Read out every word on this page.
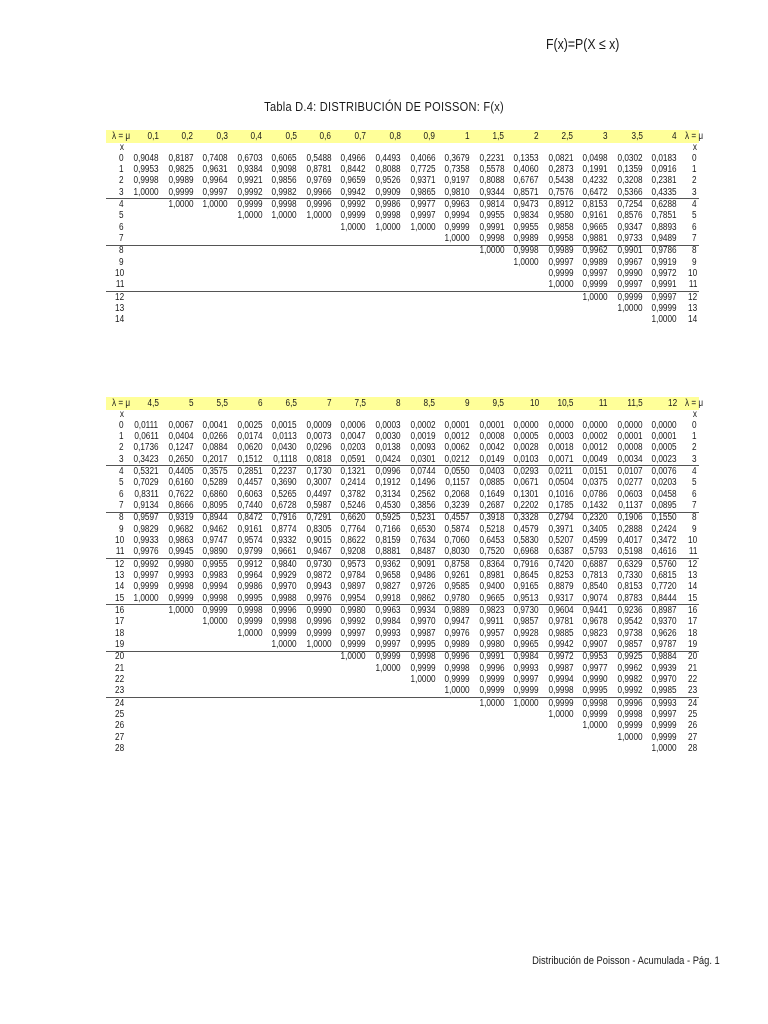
F(x)=P(X ≤ x)
Tabla D.4: DISTRIBUCIÓN DE POISSON: F(x)
λ = μ	0,1	0,2	0,3	0,4	0,5	0,6	0,7	0,8	0,9	1	1,5	2	2,5	3	3,5	4	λ = μ
x																	x
0	0,9048	0,8187	0,7408	0,6703	0,6065	0,5488	0,4966	0,4493	0,4066	0,3679	0,2231	0,1353	0,0821	0,0498	0,0302	0,0183	0
1	0,9953	0,9825	0,9631	0,9384	0,9098	0,8781	0,8442	0,8088	0,7725	0,7358	0,5578	0,4060	0,2873	0,1991	0,1359	0,0916	1
2	0,9998	0,9989	0,9964	0,9921	0,9856	0,9769	0,9659	0,9526	0,9371	0,9197	0,8088	0,6767	0,5438	0,4232	0,3208	0,2381	2
3	1,0000	0,9999	0,9997	0,9992	0,9982	0,9966	0,9942	0,9909	0,9865	0,9810	0,9344	0,8571	0,7576	0,6472	0,5366	0,4335	3
4		1,0000	1,0000	0,9999	0,9998	0,9996	0,9992	0,9986	0,9977	0,9963	0,9814	0,9473	0,8912	0,8153	0,7254	0,6288	4
5				1,0000	1,0000	1,0000	0,9999	0,9998	0,9997	0,9994	0,9955	0,9834	0,9580	0,9161	0,8576	0,7851	5
6							1,0000	1,0000	1,0000	0,9999	0,9991	0,9955	0,9858	0,9665	0,9347	0,8893	6
7										1,0000	0,9998	0,9989	0,9958	0,9881	0,9733	0,9489	7
8											1,0000	0,9998	0,9989	0,9962	0,9901	0,9786	8
9												1,0000	0,9997	0,9989	0,9967	0,9919	9
10													0,9999	0,9997	0,9990	0,9972	10
11													1,0000	0,9999	0,9997	0,9991	11
12														1,0000	0,9999	0,9997	12
13															1,0000	0,9999	13
14																1,0000	14
λ = μ	4,5	5	5,5	6	6,5	7	7,5	8	8,5	9	9,5	10	10,5	11	11,5	12	λ = μ
x																	x
0	0,0111	0,0067	0,0041	0,0025	0,0015	0,0009	0,0006	0,0003	0,0002	0,0001	0,0001	0,0000	0,0000	0,0000	0,0000	0,0000	0
1	0,0611	0,0404	0,0266	0,0174	0,0113	0,0073	0,0047	0,0030	0,0019	0,0012	0,0008	0,0005	0,0003	0,0002	0,0001	0,0001	1
2	0,1736	0,1247	0,0884	0,0620	0,0430	0,0296	0,0203	0,0138	0,0093	0,0062	0,0042	0,0028	0,0018	0,0012	0,0008	0,0005	2
3	0,3423	0,2650	0,2017	0,1512	0,1118	0,0818	0,0591	0,0424	0,0301	0,0212	0,0149	0,0103	0,0071	0,0049	0,0034	0,0023	3
4	0,5321	0,4405	0,3575	0,2851	0,2237	0,1730	0,1321	0,0996	0,0744	0,0550	0,0403	0,0293	0,0211	0,0151	0,0107	0,0076	4
5	0,7029	0,6160	0,5289	0,4457	0,3690	0,3007	0,2414	0,1912	0,1496	0,1157	0,0885	0,0671	0,0504	0,0375	0,0277	0,0203	5
6	0,8311	0,7622	0,6860	0,6063	0,5265	0,4497	0,3782	0,3134	0,2562	0,2068	0,1649	0,1301	0,1016	0,0786	0,0603	0,0458	6
7	0,9134	0,8666	0,8095	0,7440	0,6728	0,5987	0,5246	0,4530	0,3856	0,3239	0,2687	0,2202	0,1785	0,1432	0,1137	0,0895	7
8	0,9597	0,9319	0,8944	0,8472	0,7916	0,7291	0,6620	0,5925	0,5231	0,4557	0,3918	0,3328	0,2794	0,2320	0,1906	0,1550	8
9	0,9829	0,9682	0,9462	0,9161	0,8774	0,8305	0,7764	0,7166	0,6530	0,5874	0,5218	0,4579	0,3971	0,3405	0,2888	0,2424	9
10	0,9933	0,9863	0,9747	0,9574	0,9332	0,9015	0,8622	0,8159	0,7634	0,7060	0,6453	0,5830	0,5207	0,4599	0,4017	0,3472	10
11	0,9976	0,9945	0,9890	0,9799	0,9661	0,9467	0,9208	0,8881	0,8487	0,8030	0,7520	0,6968	0,6387	0,5793	0,5198	0,4616	11
12	0,9992	0,9980	0,9955	0,9912	0,9840	0,9730	0,9573	0,9362	0,9091	0,8758	0,8364	0,7916	0,7420	0,6887	0,6329	0,5760	12
13	0,9997	0,9993	0,9983	0,9964	0,9929	0,9872	0,9784	0,9658	0,9486	0,9261	0,8981	0,8645	0,8253	0,7813	0,7330	0,6815	13
14	0,9999	0,9998	0,9994	0,9986	0,9970	0,9943	0,9897	0,9827	0,9726	0,9585	0,9400	0,9165	0,8879	0,8540	0,8153	0,7720	14
15	1,0000	0,9999	0,9998	0,9995	0,9988	0,9976	0,9954	0,9918	0,9862	0,9780	0,9665	0,9513	0,9317	0,9074	0,8783	0,8444	15
16		1,0000	0,9999	0,9998	0,9996	0,9990	0,9980	0,9963	0,9934	0,9889	0,9823	0,9730	0,9604	0,9441	0,9236	0,8987	16
17			1,0000	0,9999	0,9998	0,9996	0,9992	0,9984	0,9970	0,9947	0,9911	0,9857	0,9781	0,9678	0,9542	0,9370	17
18				1,0000	0,9999	0,9999	0,9997	0,9993	0,9987	0,9976	0,9957	0,9928	0,9885	0,9823	0,9738	0,9626	18
19					1,0000	1,0000	0,9999	0,9997	0,9995	0,9989	0,9980	0,9965	0,9942	0,9907	0,9857	0,9787	19
20							1,0000	0,9999	0,9998	0,9996	0,9991	0,9984	0,9972	0,9953	0,9925	0,9884	20
21								1,0000	0,9999	0,9998	0,9996	0,9993	0,9987	0,9977	0,9962	0,9939	21
22									1,0000	0,9999	0,9999	0,9997	0,9994	0,9990	0,9982	0,9970	22
23										1,0000	0,9999	0,9999	0,9998	0,9995	0,9992	0,9985	23
24											1,0000	1,0000	0,9999	0,9998	0,9996	0,9993	24
25													1,0000	0,9999	0,9998	0,9997	25
26														1,0000	0,9999	0,9999	26
27															1,0000	0,9999	27
28																1,0000	28
Distribución de Poisson - Acumulada - Pág. 1
